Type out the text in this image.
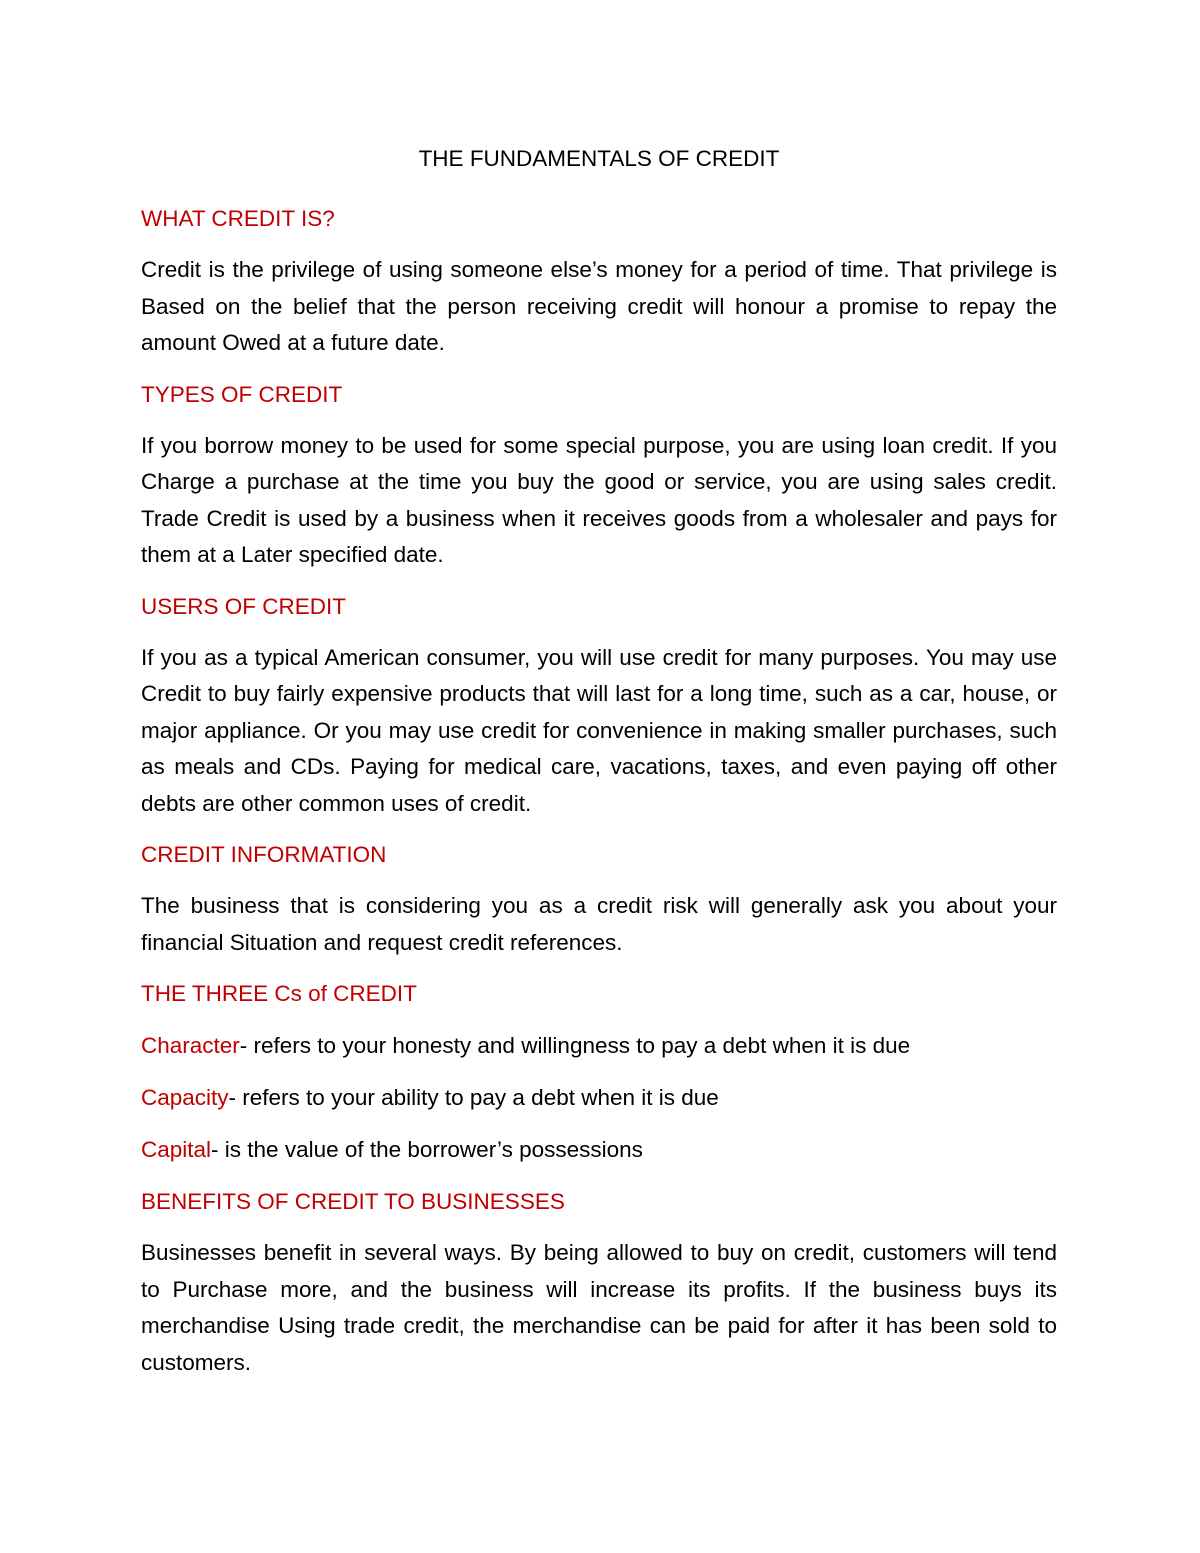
THE FUNDAMENTALS OF CREDIT
WHAT CREDIT IS?
Credit is the privilege of using someone else’s money for a period of time. That privilege is Based on the belief that the person receiving credit will honour a promise to repay the amount Owed at a future date.
TYPES OF CREDIT
If you borrow money to be used for some special purpose, you are using loan credit. If you Charge a purchase at the time you buy the good or service, you are using sales credit. Trade Credit is used by a business when it receives goods from a wholesaler and pays for them at a Later specified date.
USERS OF CREDIT
If you as a typical American consumer, you will use credit for many purposes. You may use Credit to buy fairly expensive products that will last for a long time, such as a car, house, or major appliance. Or you may use credit for convenience in making smaller purchases, such as meals and CDs. Paying for medical care, vacations, taxes, and even paying off other debts are other common uses of credit.
CREDIT INFORMATION
The business that is considering you as a credit risk will generally ask you about your financial Situation and request credit references.
THE THREE Cs of CREDIT
Character- refers to your honesty and willingness to pay a debt when it is due
Capacity- refers to your ability to pay a debt when it is due
Capital- is the value of the borrower’s possessions
BENEFITS OF CREDIT TO BUSINESSES
Businesses benefit in several ways. By being allowed to buy on credit, customers will tend to Purchase more, and the business will increase its profits. If the business buys its merchandise Using trade credit, the merchandise can be paid for after it has been sold to customers.
